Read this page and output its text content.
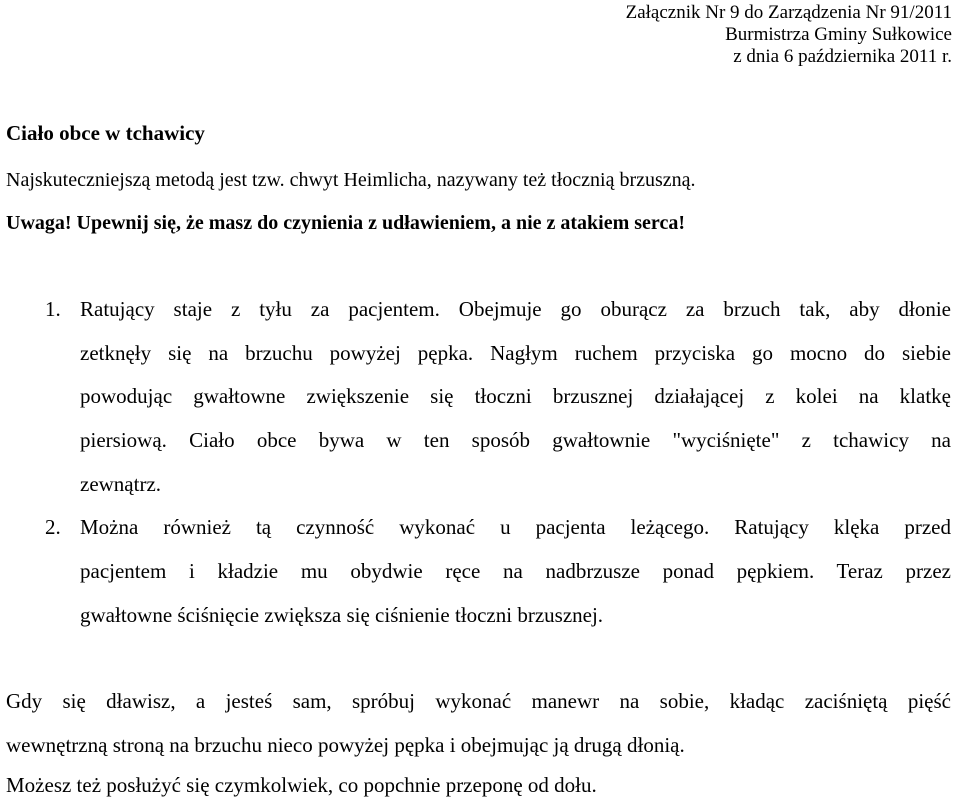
Załącznik Nr 9 do Zarządzenia Nr 91/2011
Burmistrza Gminy Sułkowice
z dnia 6 października 2011 r.
Ciało obce w tchawicy
Najskuteczniejszą metodą jest tzw. chwyt Heimlicha, nazywany też tłocznią brzuszną.
Uwaga! Upewnij się, że masz do czynienia z udławieniem, a nie z atakiem serca!
1. Ratujący staje z tyłu za pacjentem. Obejmuje go oburącz za brzuch tak, aby dłonie
zetknęły się na brzuchu powyżej pępka. Nagłym ruchem przyciska go mocno do siebie
powodując gwałtowne zwiększenie się tłoczni brzusznej działającej z kolei na klatkę
piersiową. Ciało obce bywa w ten sposób gwałtownie "wyciśnięte" z tchawicy na
zewnątrz.
2. Można również tą czynność wykonać u pacjenta leżącego. Ratujący klęka przed
pacjentem i kładzie mu obydwie ręce na nadbrzusze ponad pępkiem. Teraz przez
gwałtowne ściśnięcie zwiększa się ciśnienie tłoczni brzusznej.
Gdy się dławisz, a jesteś sam, spróbuj wykonać manewr na sobie, kładąc zaciśniętą pięść
wewnętrzną stroną na brzuchu nieco powyżej pępka i obejmując ją drugą dłonią.
Możesz też posłużyć się czymkolwiek, co popchnie przeponę od dołu.
